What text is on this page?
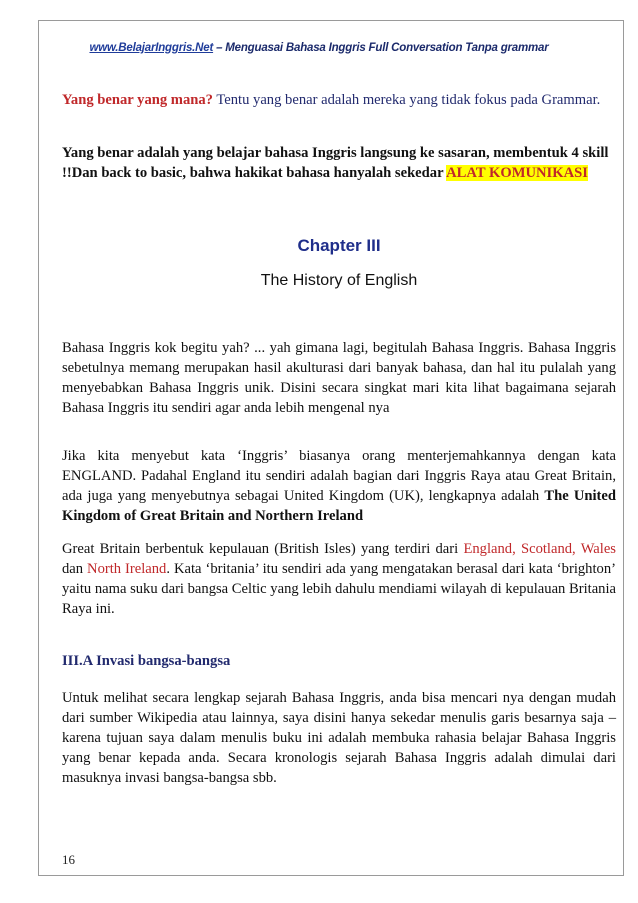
www.BelajarInggris.Net – Menguasai Bahasa Inggris Full Conversation Tanpa grammar
Yang benar yang mana? Tentu yang benar adalah mereka yang tidak fokus pada Grammar.
Yang benar adalah yang belajar bahasa Inggris langsung ke sasaran, membentuk 4 skill !!Dan back to basic, bahwa hakikat bahasa hanyalah sekedar ALAT KOMUNIKASI
Chapter III
The History of English
Bahasa Inggris kok begitu yah? ... yah gimana lagi, begitulah Bahasa Inggris. Bahasa Inggris sebetulnya memang merupakan hasil akulturasi dari banyak bahasa, dan hal itu pulalah yang menyebabkan Bahasa Inggris unik. Disini secara singkat mari kita lihat bagaimana sejarah Bahasa Inggris itu sendiri agar anda lebih mengenal nya
Jika kita menyebut kata ‘Inggris’ biasanya orang menterjemahkannya dengan kata ENGLAND. Padahal England itu sendiri adalah bagian dari Inggris Raya atau Great Britain, ada juga yang menyebutnya sebagai United Kingdom (UK), lengkapnya adalah The United Kingdom of Great Britain and Northern Ireland
Great Britain berbentuk kepulauan (British Isles) yang terdiri dari England, Scotland, Wales dan North Ireland. Kata ‘britania’ itu sendiri ada yang mengatakan berasal dari kata ‘brighton’ yaitu nama suku dari bangsa Celtic yang lebih dahulu mendiami wilayah di kepulauan Britania Raya ini.
III.A Invasi bangsa-bangsa
Untuk melihat secara lengkap sejarah Bahasa Inggris, anda bisa mencari nya dengan mudah dari sumber Wikipedia atau lainnya, saya disini hanya sekedar menulis garis besarnya saja – karena tujuan saya dalam menulis buku ini adalah membuka rahasia belajar Bahasa Inggris yang benar kepada anda. Secara kronologis sejarah Bahasa Inggris adalah dimulai dari masuknya invasi bangsa-bangsa sbb.
16
